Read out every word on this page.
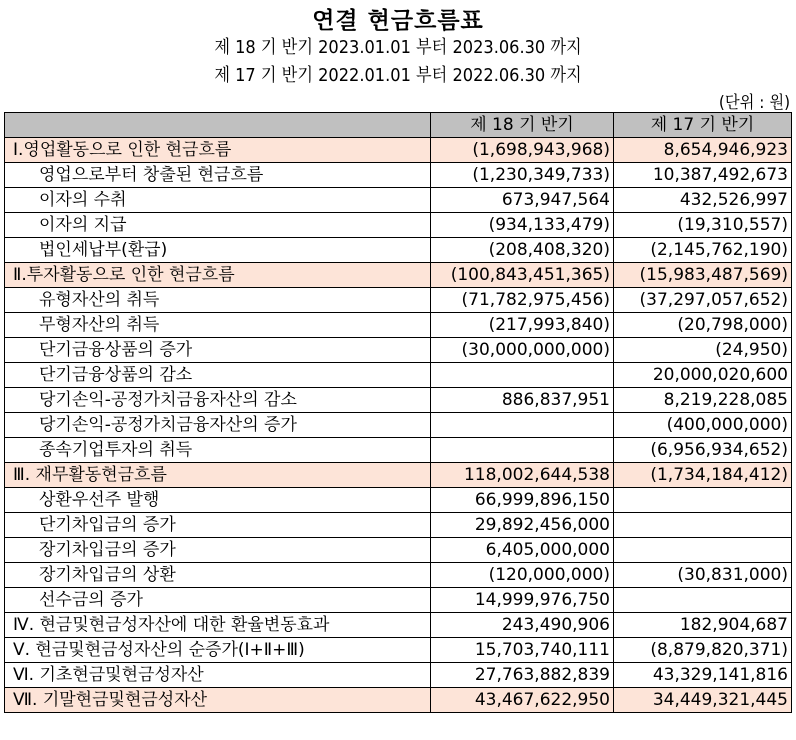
연결 현금흐름표
제 18 기 반기 2023.01.01 부터 2023.06.30 까지
제 17 기 반기 2022.01.01 부터 2022.06.30 까지
(단위 : 원)
	제 18 기 반기	제 17 기 반기
Ⅰ.영업활동으로 인한 현금흐름	(1,698,943,968)	8,654,946,923
영업으로부터 창출된 현금흐름	(1,230,349,733)	10,387,492,673
이자의 수취	673,947,564	432,526,997
이자의 지급	(934,133,479)	(19,310,557)
법인세납부(환급)	(208,408,320)	(2,145,762,190)
Ⅱ.투자활동으로 인한 현금흐름	(100,843,451,365)	(15,983,487,569)
유형자산의 취득	(71,782,975,456)	(37,297,057,652)
무형자산의 취득	(217,993,840)	(20,798,000)
단기금융상품의 증가	(30,000,000,000)	(24,950)
단기금융상품의 감소		20,000,020,600
당기손익-공정가치금융자산의 감소	886,837,951	8,219,228,085
당기손익-공정가치금융자산의 증가		(400,000,000)
종속기업투자의 취득		(6,956,934,652)
Ⅲ. 재무활동현금흐름	118,002,644,538	(1,734,184,412)
상환우선주 발행	66,999,896,150	
단기차입금의 증가	29,892,456,000	
장기차입금의 증가	6,405,000,000	
장기차입금의 상환	(120,000,000)	(30,831,000)
선수금의 증가	14,999,976,750	
Ⅳ. 현금및현금성자산에 대한 환율변동효과	243,490,906	182,904,687
Ⅴ. 현금및현금성자산의 순증가(Ⅰ+Ⅱ+Ⅲ)	15,703,740,111	(8,879,820,371)
Ⅵ. 기초현금및현금성자산	27,763,882,839	43,329,141,816
Ⅶ. 기말현금및현금성자산	43,467,622,950	34,449,321,445
